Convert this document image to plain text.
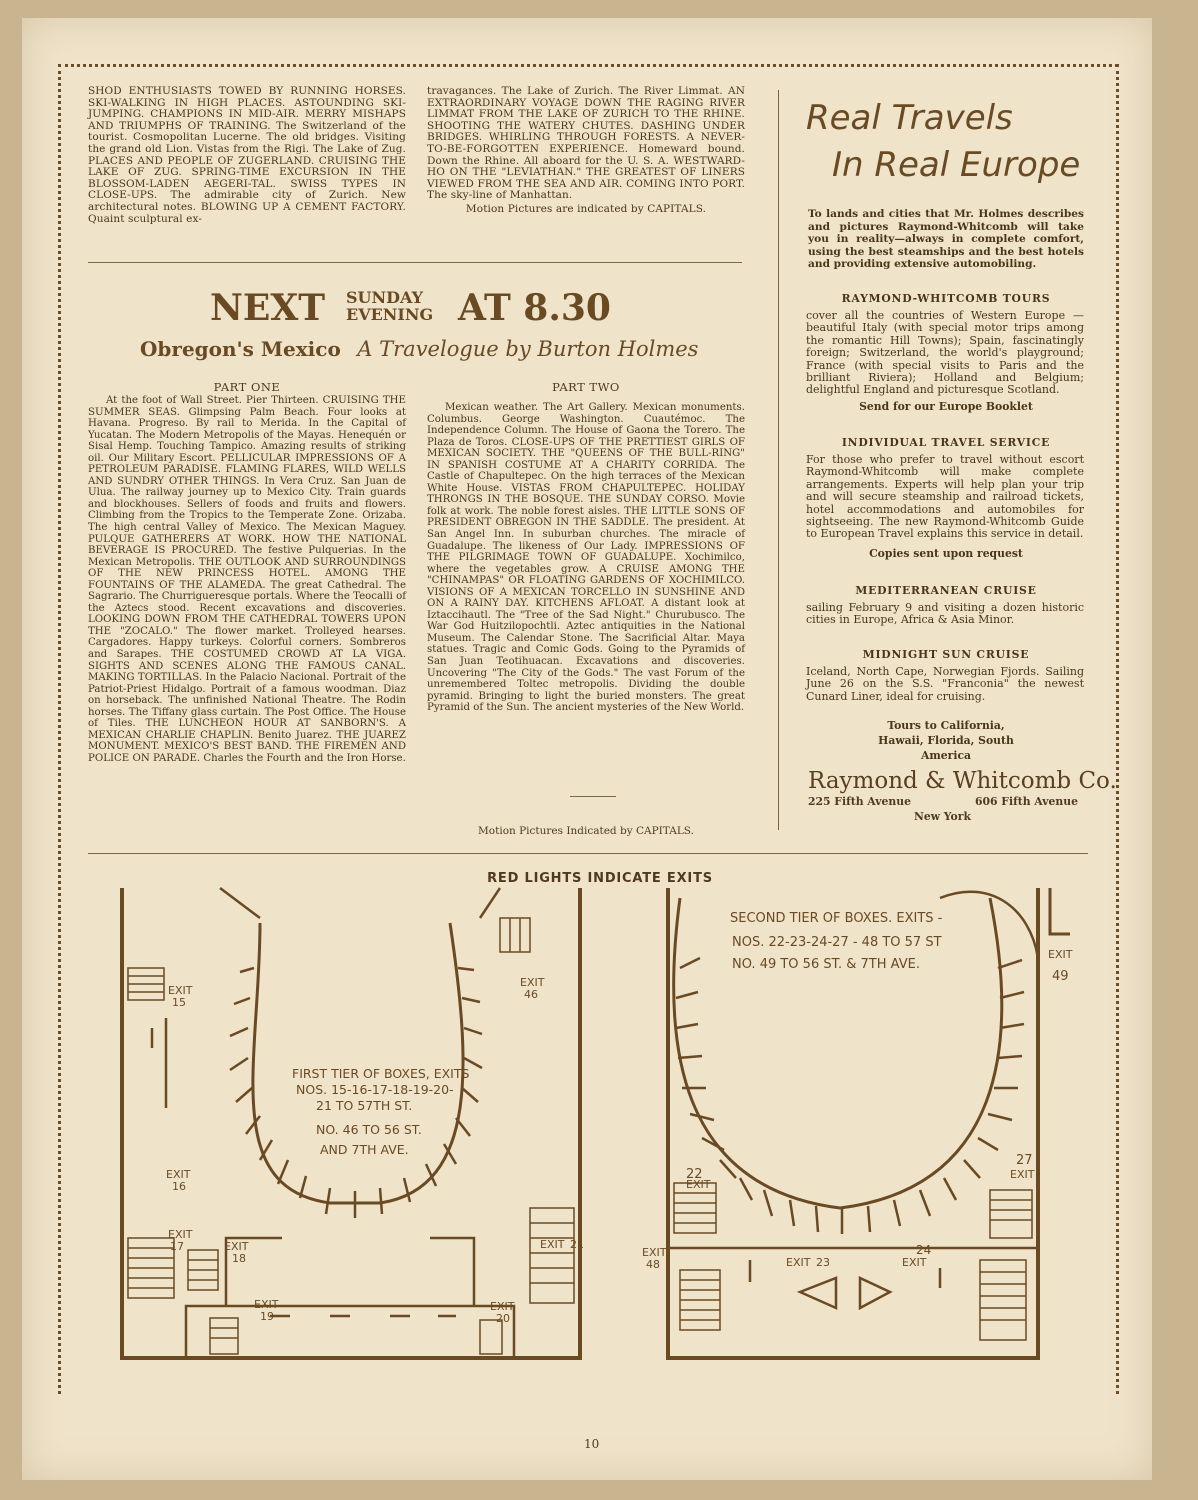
SHOD ENTHUSIASTS TOWED BY RUNNING HORSES. SKI-WALKING IN HIGH PLACES. ASTOUNDING SKI-JUMPING. CHAMPIONS IN MID-AIR. MERRY MISHAPS AND TRIUMPHS OF TRAINING. The Switzerland of the tourist. Cosmopolitan Lucerne. The old bridges. Visiting the grand old Lion. Vistas from the Rigi. The Lake of Zug. PLACES AND PEOPLE OF ZUGERLAND. CRUISING THE LAKE OF ZUG. SPRING-TIME EXCURSION IN THE BLOSSOM-LADEN AEGERI-TAL. SWISS TYPES IN CLOSE-UPS. The admirable city of Zurich. New architectural notes. BLOWING UP A CEMENT FACTORY. Quaint sculptural ex-

travagances. The Lake of Zurich. The River Limmat. AN EXTRAORDINARY VOYAGE DOWN THE RAGING RIVER LIMMAT FROM THE LAKE OF ZURICH TO THE RHINE. SHOOTING THE WATERY CHUTES. DASHING UNDER BRIDGES. WHIRLING THROUGH FORESTS. A NEVER-TO-BE-FORGOTTEN EXPERIENCE. Homeward bound. Down the Rhine. All aboard for the U. S. A. WESTWARD-HO ON THE "LEVIATHAN." THE GREATEST OF LINERS VIEWED FROM THE SEA AND AIR. COMING INTO PORT. The sky-line of Manhattan.

Motion Pictures are indicated by CAPITALS.

NEXT SUNDAY
EVENING AT 8.30
Obregon's Mexico A Travelogue by Burton Holmes
PART ONE

At the foot of Wall Street. Pier Thirteen. CRUISING THE SUMMER SEAS. Glimpsing Palm Beach. Four looks at Havana. Progreso. By rail to Merida. In the Capital of Yucatan. The Modern Metropolis of the Mayas. Henequén or Sisal Hemp. Touching Tampico. Amazing results of striking oil. Our Military Escort. PELLICULAR IMPRESSIONS OF A PETROLEUM PARADISE. FLAMING FLARES, WILD WELLS AND SUNDRY OTHER THINGS. In Vera Cruz. San Juan de Ulua. The railway journey up to Mexico City. Train guards and blockhouses. Sellers of foods and fruits and flowers. Climbing from the Tropics to the Temperate Zone. Orizaba. The high central Valley of Mexico. The Mexican Maguey. PULQUE GATHERERS AT WORK. HOW THE NATIONAL BEVERAGE IS PROCURED. The festive Pulquerias. In the Mexican Metropolis. THE OUTLOOK AND SURROUNDINGS OF THE NEW PRINCESS HOTEL. AMONG THE FOUNTAINS OF THE ALAMEDA. The great Cathedral. The Sagrario. The Churrigueresque portals. Where the Teocalli of the Aztecs stood. Recent excavations and discoveries. LOOKING DOWN FROM THE CATHEDRAL TOWERS UPON THE "ZOCALO." The flower market. Trolleyed hearses. Cargadores. Happy turkeys. Colorful corners. Sombreros and Sarapes. THE COSTUMED CROWD AT LA VIGA. SIGHTS AND SCENES ALONG THE FAMOUS CANAL. MAKING TORTILLAS. In the Palacio Nacional. Portrait of the Patriot-Priest Hidalgo. Portrait of a famous woodman. Diaz on horseback. The unfinished National Theatre. The Rodin horses. The Tiffany glass curtain. The Post Office. The House of Tiles. THE LUNCHEON HOUR AT SANBORN'S. A MEXICAN CHARLIE CHAPLIN. Benito Juarez. THE JUAREZ MONUMENT. MEXICO'S BEST BAND. THE FIREMEN AND POLICE ON PARADE. Charles the Fourth and the Iron Horse.

PART TWO

Mexican weather. The Art Gallery. Mexican monuments. Columbus. George Washington. Cuautémoc. The Independence Column. The House of Gaona the Torero. The Plaza de Toros. CLOSE-UPS OF THE PRETTIEST GIRLS OF MEXICAN SOCIETY. THE "QUEENS OF THE BULL-RING" IN SPANISH COSTUME AT A CHARITY CORRIDA. The Castle of Chapultepec. On the high terraces of the Mexican White House. VISTAS FROM CHAPULTEPEC. HOLIDAY THRONGS IN THE BOSQUE. THE SUNDAY CORSO. Movie folk at work. The noble forest aisles. THE LITTLE SONS OF PRESIDENT OBREGON IN THE SADDLE. The president. At San Angel Inn. In suburban churches. The miracle of Guadalupe. The likeness of Our Lady. IMPRESSIONS OF THE PILGRIMAGE TOWN OF GUADALUPE. Xochimilco, where the vegetables grow. A CRUISE AMONG THE "CHINAMPAS" OR FLOATING GARDENS OF XOCHIMILCO. VISIONS OF A MEXICAN TORCELLO IN SUNSHINE AND ON A RAINY DAY. KITCHENS AFLOAT. A distant look at Iztaccihautl. The "Tree of the Sad Night." Churubusco. The War God Huitzilopochtli. Aztec antiquities in the National Museum. The Calendar Stone. The Sacrificial Altar. Maya statues. Tragic and Comic Gods. Going to the Pyramids of San Juan Teotihuacan. Excavations and discoveries. Uncovering "The City of the Gods." The vast Forum of the unremembered Toltec metropolis. Dividing the double pyramid. Bringing to light the buried monsters. The great Pyramid of the Sun. The ancient mysteries of the New World.

Motion Pictures Indicated by CAPITALS.
Real Travels
In Real Europe
To lands and cities that Mr. Holmes describes and pictures Raymond-Whitcomb will take you in reality—always in complete comfort, using the best steamships and the best hotels and providing extensive automobiling.
RAYMOND-WHITCOMB TOURS
cover all the countries of Western Europe —beautiful Italy (with special motor trips among the romantic Hill Towns); Spain, fascinatingly foreign; Switzerland, the world's playground; France (with special visits to Paris and the brilliant Riviera); Holland and Belgium; delightful England and picturesque Scotland.
Send for our Europe Booklet
INDIVIDUAL TRAVEL SERVICE
For those who prefer to travel without escort Raymond-Whitcomb will make complete arrangements. Experts will help plan your trip and will secure steamship and railroad tickets, hotel accommodations and automobiles for sightseeing. The new Raymond-Whitcomb Guide to European Travel explains this service in detail.
Copies sent upon request
MEDITERRANEAN CRUISE
sailing February 9 and visiting a dozen historic cities in Europe, Africa & Asia Minor.
MIDNIGHT SUN CRUISE
Iceland, North Cape, Norwegian Fjords. Sailing June 26 on the S.S. "Franconia" the newest Cunard Liner, ideal for cruising.
Tours to California, Hawaii, Florida, South America
Raymond & Whitcomb Co.
225 Fifth Avenue	606 Fifth Avenue
New York
RED LIGHTS INDICATE EXITS
EXIT
15
EXIT
46
EXIT
16
EXIT
17	EXIT
18
EXIT
19
EXIT
20
EXIT 21
FIRST TIER OF BOXES, EXITS
NOS. 15-16-17-18-19-20-
21 TO 57TH ST.
NO. 46 TO 56 ST.
AND 7TH AVE.
EXIT
49
22
EXIT
27
EXIT
EXIT
48	EXIT 23
24
EXIT
SECOND TIER OF BOXES. EXITS -
NOS. 22-23-24-27 - 48 TO 57 ST
NO. 49 TO 56 ST. & 7TH AVE.
10
